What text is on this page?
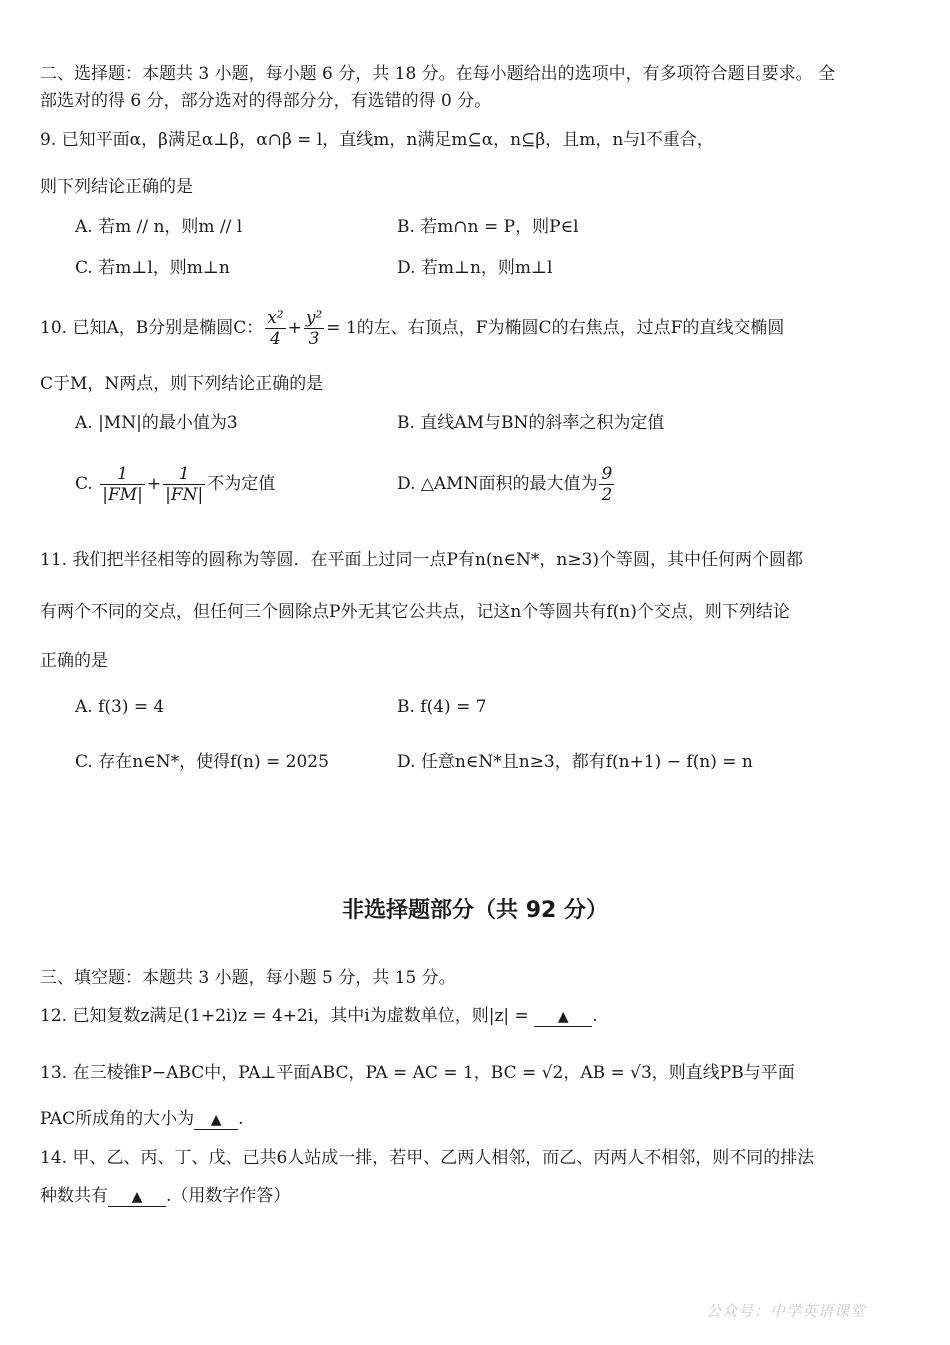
二、选择题：本题共 3 小题，每小题 6 分，共 18 分。在每小题给出的选项中，有多项符合题目要求。 全
部选对的得 6 分，部分选对的得部分分，有选错的得 0 分。
9. 已知平面α，β满足α⊥β，α∩β = l，直线m，n满足m⊆α，n⊆β，且m，n与l不重合，
则下列结论正确的是
A. 若m // n，则m // l	B. 若m∩n = P，则P∈l
C. 若m⊥l，则m⊥n	D. 若m⊥n，则m⊥l
10. 已知A，B分别是椭圆C： $\frac{\text{x²}}{4} + \frac{\text{y²}}{3} = 1$的左、右顶点，F为椭圆C的右焦点，过点F的直线交椭圆
C于M，N两点，则下列结论正确的是
A. |MN|的最小值为3	B. 直线AM与BN的斜率之积为定值
C. $\frac{1}{|FM|} + \frac{1}{|FN|}$ 不为定值	D. △AMN面积的最大值为 $\frac{9}{2}$
11. 我们把半径相等的圆称为等圆．在平面上过同一点P有n(n∈N*，n≥3)个等圆，其中任何两个圆都
有两个不同的交点，但任何三个圆除点P外无其它公共点，记这n个等圆共有f(n)个交点，则下列结论
正确的是
A. f(3) = 4	B. f(4) = 7
C. 存在n∈N*，使得f(n) = 2025	D. 任意n∈N*且n≥3，都有f(n+1) − f(n) = n
非选择题部分（共 92 分）
三、填空题：本题共 3 小题，每小题 5 分，共 15 分。
12. 已知复数z满足(1+2i)z = 4+2i，其中i为虚数单位，则|z| = ▲ .
13. 在三棱锥P−ABC中，PA⊥平面ABC，PA = AC = 1，BC = √2，AB = √3，则直线PB与平面
PAC所成角的大小为 ▲ .
14. 甲、乙、丙、丁、戊、己共6人站成一排，若甲、乙两人相邻，而乙、丙两人不相邻，则不同的排法
种数共有 ▲ .（用数字作答）
公众号：中学英语课堂
